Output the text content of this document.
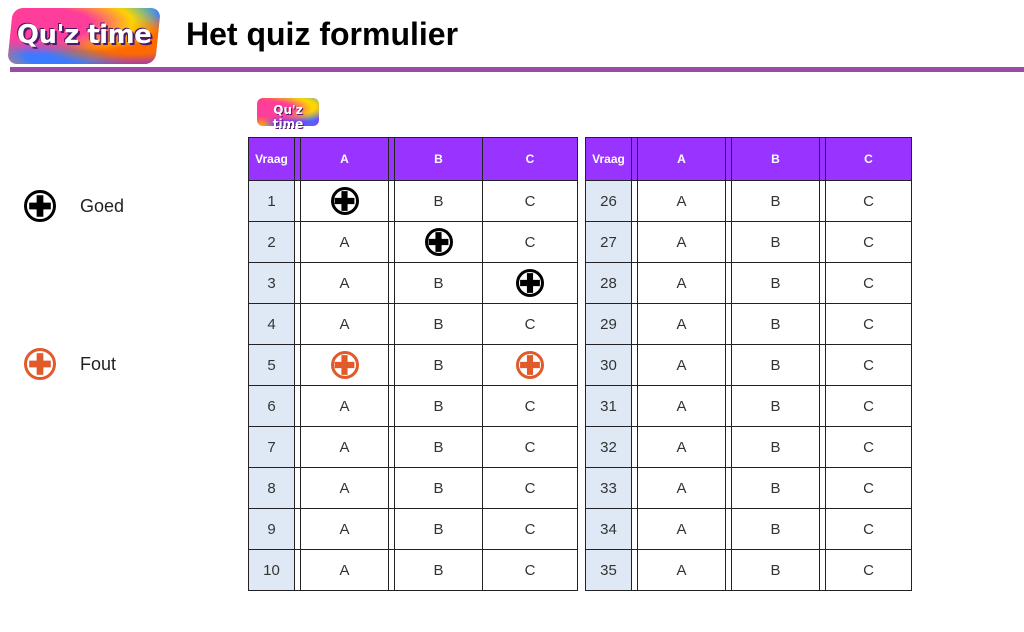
Qu'z time Het quiz formulier
Qu'z time
Goed
Fout
Vraag		A		B	C
1				B	C
2		A			C
3		A		B	
4		A		B	C
5				B	
6		A		B	C
7		A		B	C
8		A		B	C
9		A		B	C
10		A		B	C
Vraag		A		B		C
26		A		B		C
27		A		B		C
28		A		B		C
29		A		B		C
30		A		B		C
31		A		B		C
32		A		B		C
33		A		B		C
34		A		B		C
35		A		B		C
